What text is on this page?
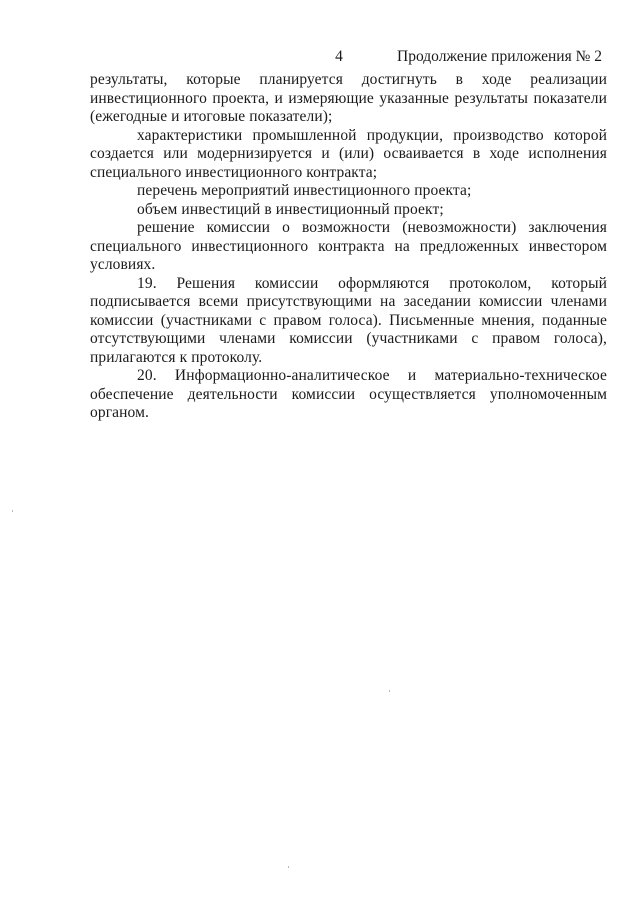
4	Продолжение приложения № 2

результаты, которые планируется достигнуть в ходе реализации инвестиционного проекта, и измеряющие указанные результаты показатели (ежегодные и итоговые показатели);

характеристики промышленной продукции, производство которой создается или модернизируется и (или) осваивается в ходе исполнения специального инвестиционного контракта;

перечень мероприятий инвестиционного проекта;

объем инвестиций в инвестиционный проект;

решение комиссии о возможности (невозможности) заключения специального инвестиционного контракта на предложенных инвестором условиях.

19. Решения комиссии оформляются протоколом, который подписывается всеми присутствующими на заседании комиссии членами комиссии (участниками с правом голоса). Письменные мнения, поданные отсутствующими членами комиссии (участниками с правом голоса), прилагаются к протоколу.

20. Информационно-аналитическое и материально-техническое обеспечение деятельности комиссии осуществляется уполномоченным органом.
